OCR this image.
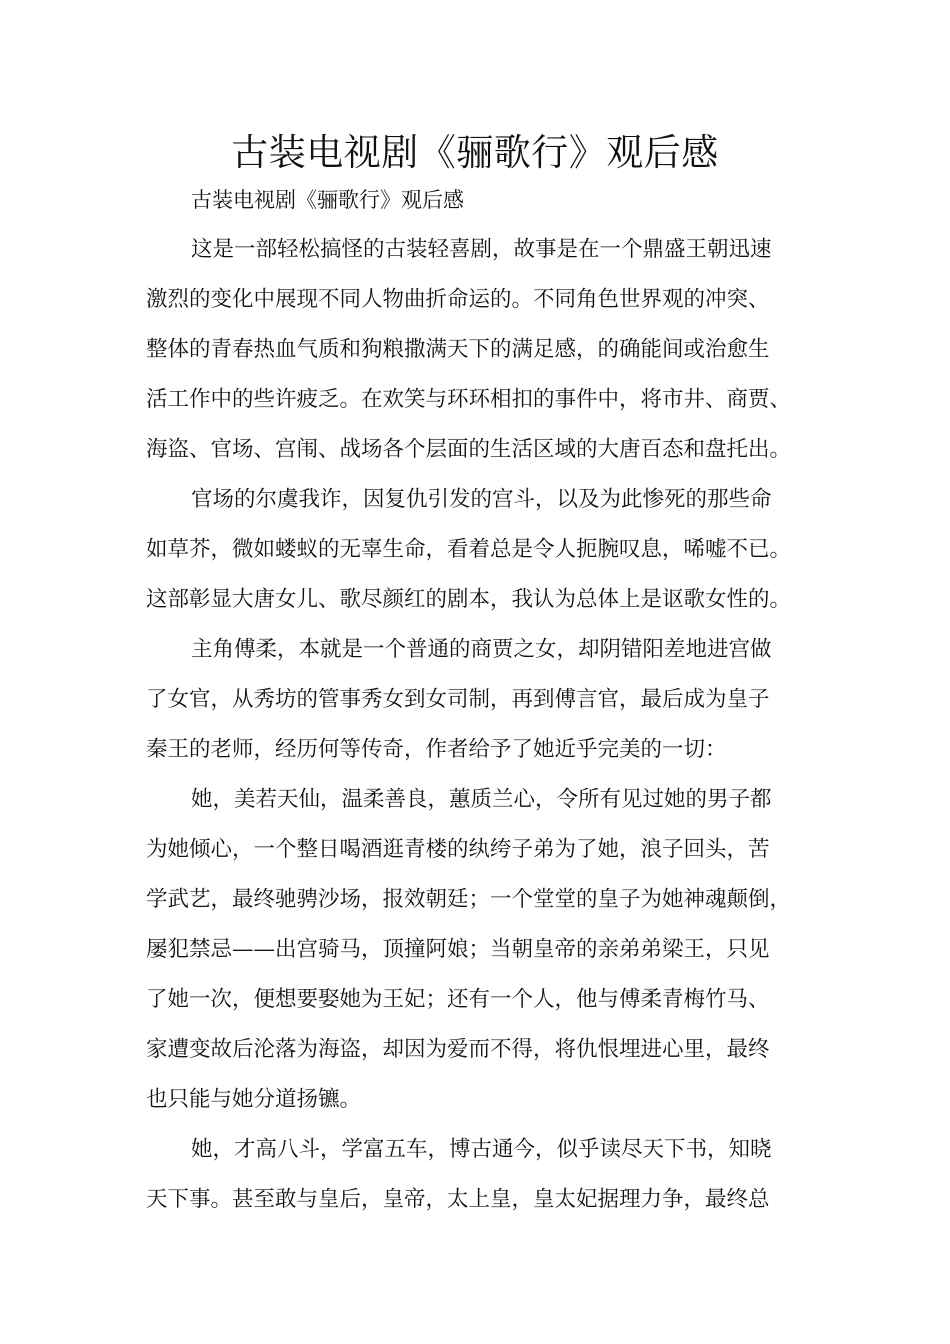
古装电视剧《骊歌行》观后感
古装电视剧《骊歌行》观后感
这是一部轻松搞怪的古装轻喜剧，故事是在一个鼎盛王朝迅速
激烈的变化中展现不同人物曲折命运的。不同角色世界观的冲突、
整体的青春热血气质和狗粮撒满天下的满足感，的确能间或治愈生
活工作中的些许疲乏。在欢笑与环环相扣的事件中，将市井、商贾、
海盗、官场、宫闱、战场各个层面的生活区域的大唐百态和盘托出。
官场的尔虞我诈，因复仇引发的宫斗，以及为此惨死的那些命
如草芥，微如蝼蚁的无辜生命，看着总是令人扼腕叹息，唏嘘不已。
这部彰显大唐女儿、歌尽颜红的剧本，我认为总体上是讴歌女性的。
主角傅柔，本就是一个普通的商贾之女，却阴错阳差地进宫做
了女官，从秀坊的管事秀女到女司制，再到傅言官，最后成为皇子
秦王的老师，经历何等传奇，作者给予了她近乎完美的一切：
她，美若天仙，温柔善良，蕙质兰心，令所有见过她的男子都
为她倾心，一个整日喝酒逛青楼的纨绔子弟为了她，浪子回头，苦
学武艺，最终驰骋沙场，报效朝廷；一个堂堂的皇子为她神魂颠倒，
屡犯禁忌——出宫骑马，顶撞阿娘；当朝皇帝的亲弟弟梁王，只见
了她一次，便想要娶她为王妃；还有一个人，他与傅柔青梅竹马、
家遭变故后沦落为海盗，却因为爱而不得，将仇恨埋进心里，最终
也只能与她分道扬镳。
她，才高八斗，学富五车，博古通今，似乎读尽天下书，知晓
天下事。甚至敢与皇后，皇帝，太上皇，皇太妃据理力争，最终总
